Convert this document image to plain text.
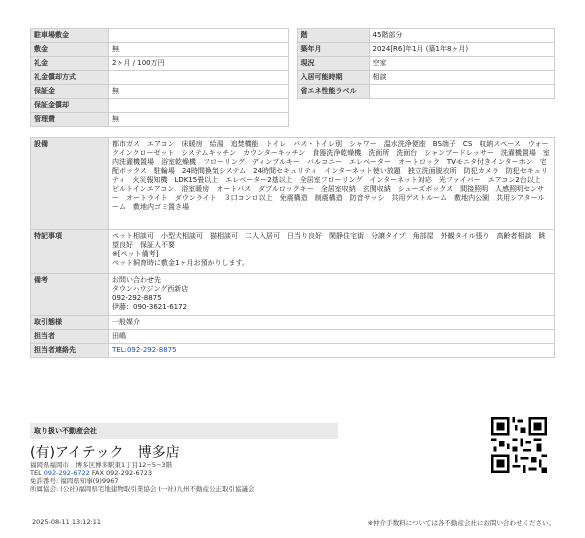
駐車場敷金	
敷金	無
礼金	2ヶ月 / 100万円
礼金償却方式	
保証金	無
保証金償却	
管理費	無
階	45階部分
築年月	2024[R6]年1月 (築1年8ヶ月)
現況	空家
入居可能時期	相談
省エネ性能ラベル	
設備	都市ガス　エアコン　床暖房　給湯　追焚機能　トイレ　バス・トイレ別　シャワー　温水洗浄便座　BS端子　CS　収納スペース　ウォークインクローゼット　システムキッチン　カウンターキッチン　食器洗浄乾燥機　洗面所　洗面台　シャンプードレッサー　洗濯機置場　室内洗濯機置場　浴室乾燥機　フローリング　ディンプルキー　バルコニー　エレベーター　オートロック　TVモニタ付きインターホン　宅配ボックス　駐輪場　24時間換気システム　24時間セキュリティ　インターネット使い放題　独立洗面脱衣所　防犯カメラ　防犯セキュリティ　火災報知機　LDK15畳以上　エレベーター2基以上　全居室フローリング　インターネット対応　光ファイバー　エアコン2台以上　ビルトインエアコン　浴室暖房　オートバス　ダブルロックキー　全居室収納　玄関収納　シューズボックス　間接照明　人感照明センサー　オートライト　ダウンライト　３口コンロ以上　免震構造　制震構造　防音サッシ　共用ゲストルーム　敷地内公園　共用シアタールーム　敷地内ゴミ置き場
特記事項	ペット相談可　小型犬相談可　猫相談可　二人入居可　日当り良好　閑静住宅街　分譲タイプ　角部屋　外観タイル張り　高齢者相談　眺望良好　保証人不要
※[ペット備考]
ペット飼育時に敷金1ヶ月お預かりします。
備考	お問い合わせ先
タウンハウジング西新店
092-292-8875
伊藤：090-3621-6172
取引態様	一般媒介
担当者	田嶋
担当者連絡先	TEL:092-292-8875
取り扱い不動産会社
(有)アイテック　博多店
福岡県福岡市　博多区博多駅東1丁目12−5−3階
TEL 092-292-6722 FAX 092-292-6723
免許番号: 福岡県知事(9)9967
所属協会: (公社)福岡県宅地建物取引業協会 (一社)九州不動産公正取引協議会
2025-08-11 13:12:11	※仲介手数料については各不動産会社にお問い合わせください。
